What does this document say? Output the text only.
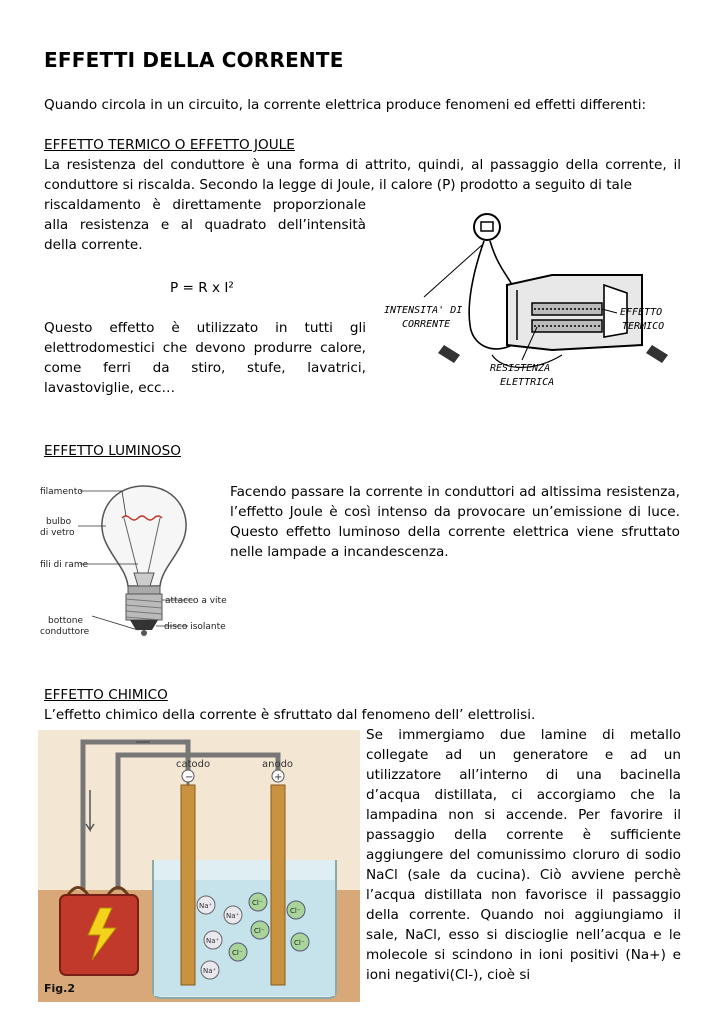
EFFETTI DELLA CORRENTE
Quando circola in un circuito, la corrente elettrica produce fenomeni ed effetti differenti:
EFFETTO TERMICO O EFFETTO JOULE
La resistenza del conduttore è una forma di attrito, quindi, al passaggio della corrente, il conduttore si riscalda. Secondo la legge di Joule, il calore (P) prodotto a seguito di tale
riscaldamento è direttamente proporzionale alla resistenza e al quadrato dell’intensità della corrente.
P = R x I²
Questo effetto è utilizzato in tutti gli elettrodomestici che devono produrre calore, come ferri da stiro, stufe, lavatrici, lavastoviglie, ecc…
INTENSITA' DI
CORRENTE
EFFETTO
TERMICO
RESISTENZA
ELETTRICA
EFFETTO LUMINOSO
Facendo passare la corrente in conduttori ad altissima resistenza, l’effetto Joule è così intenso da provocare un’emissione di luce. Questo effetto luminoso della corrente elettrica viene sfruttato nelle lampade a incandescenza.
filamento
bulbo
di vetro
fili di rame
attacco a vite
bottone
conduttore	disco isolante
EFFETTO CHIMICO
L’effetto chimico della corrente è sfruttato dal fenomeno dell’ elettrolisi.
Se immergiamo due lamine di metallo collegate ad un generatore e ad un utilizzatore all’interno di una bacinella d’acqua distillata, ci accorgiamo che la lampadina non si accende. Per favorire il passaggio della corrente è sufficiente aggiungere del comunissimo cloruro di sodio NaCl (sale da cucina). Ciò avviene perchè l’acqua distillata non favorisce il passaggio della corrente. Quando noi aggiungiamo il sale, NaCl, esso si discioglie nell’acqua e le molecole si scindono in ioni positivi (Na+) e ioni negativi(Cl-), cioè si
catodo	anodo
−	+
Na⁺
Na⁺
Na⁺
Na⁺
Cl⁻
Cl⁻
Cl⁻
Cl⁻
Cl⁻
Fig.2
